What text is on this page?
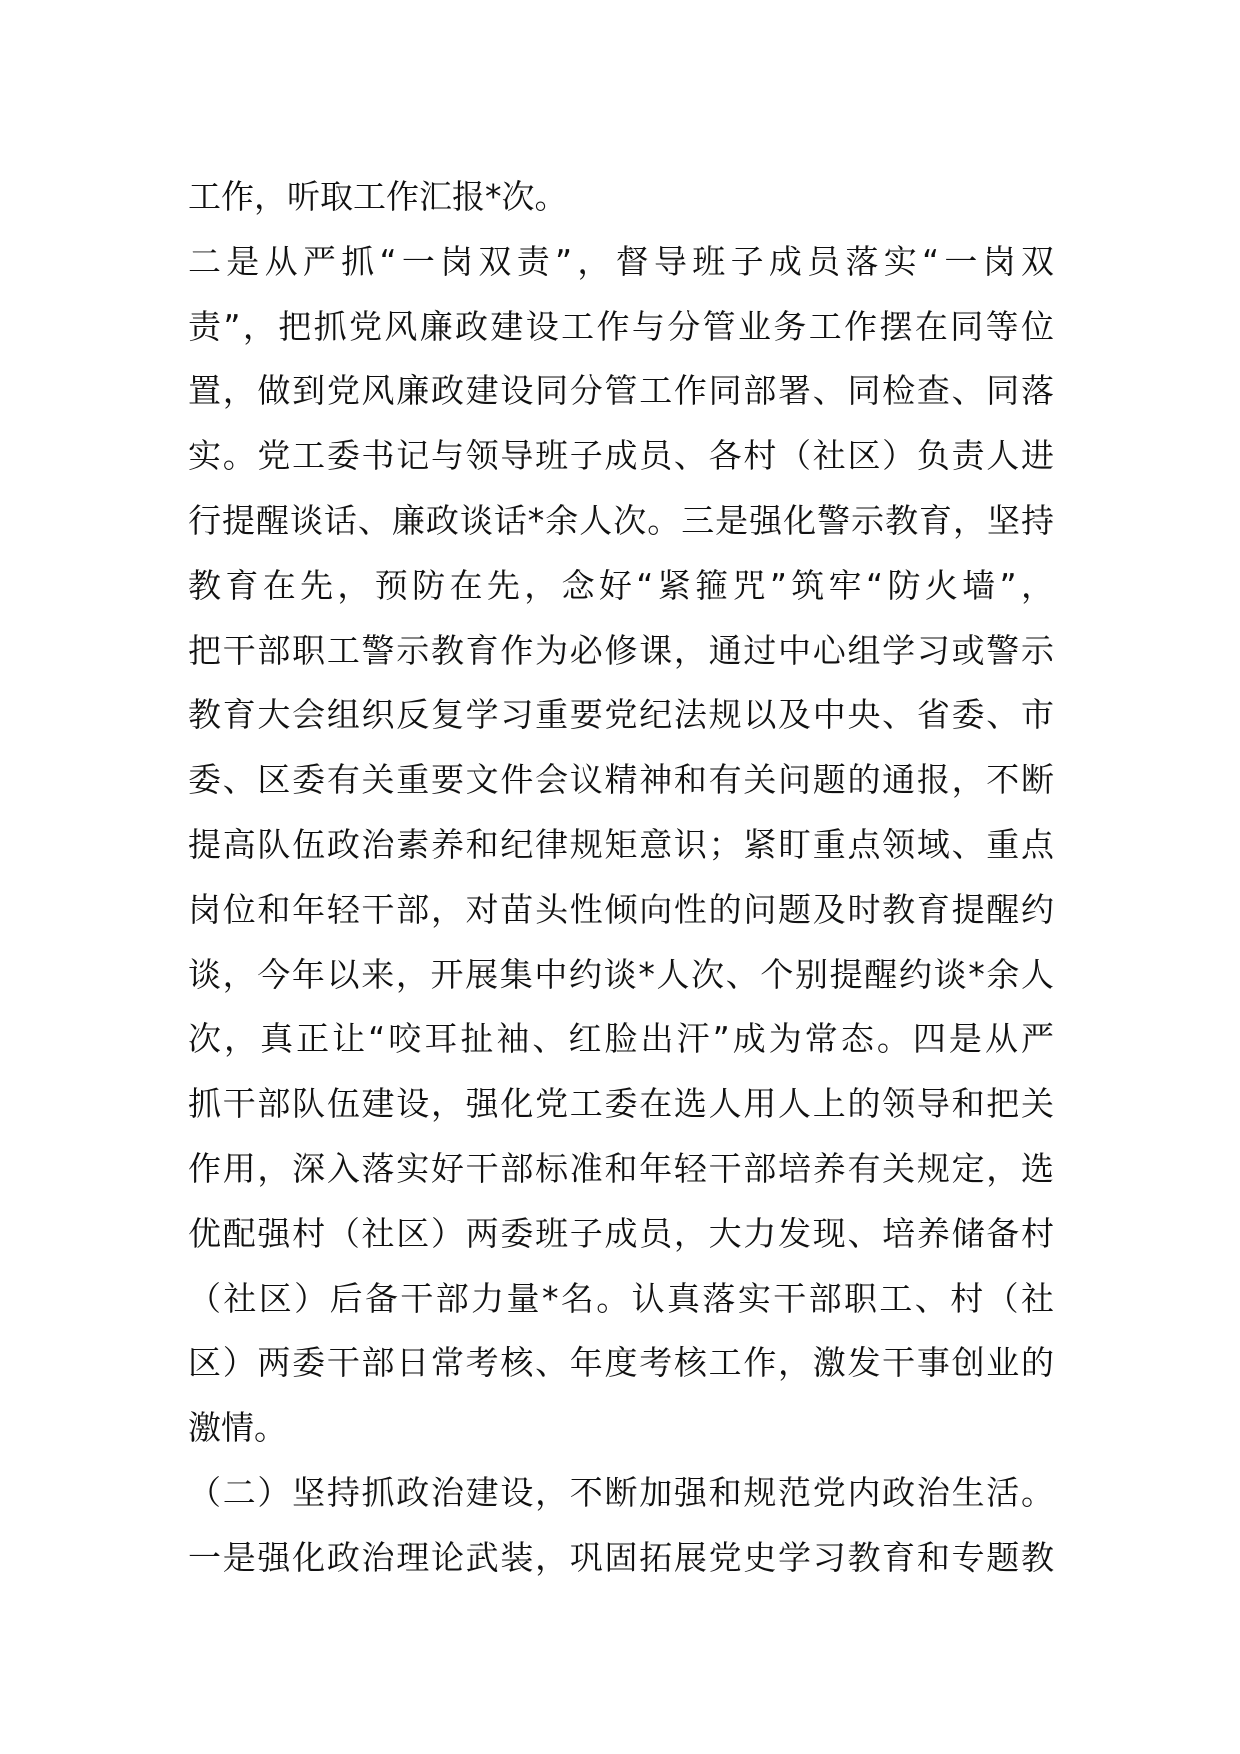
工作，听取工作汇报*次。
二是从严抓“一岗双责”，督导班子成员落实“一岗双
责”，把抓党风廉政建设工作与分管业务工作摆在同等位
置，做到党风廉政建设同分管工作同部署、同检查、同落
实。党工委书记与领导班子成员、各村（社区）负责人进
行提醒谈话、廉政谈话*余人次。三是强化警示教育，坚持
教育在先，预防在先，念好“紧箍咒”筑牢“防火墙”，
把干部职工警示教育作为必修课，通过中心组学习或警示
教育大会组织反复学习重要党纪法规以及中央、省委、市
委、区委有关重要文件会议精神和有关问题的通报，不断
提高队伍政治素养和纪律规矩意识；紧盯重点领域、重点
岗位和年轻干部，对苗头性倾向性的问题及时教育提醒约
谈，今年以来，开展集中约谈*人次、个别提醒约谈*余人
次，真正让“咬耳扯袖、红脸出汗”成为常态。四是从严
抓干部队伍建设，强化党工委在选人用人上的领导和把关
作用，深入落实好干部标准和年轻干部培养有关规定，选
优配强村（社区）两委班子成员，大力发现、培养储备村
（社区）后备干部力量*名。认真落实干部职工、村（社
区）两委干部日常考核、年度考核工作，激发干事创业的
激情。
（二）坚持抓政治建设，不断加强和规范党内政治生活。
一是强化政治理论武装，巩固拓展党史学习教育和专题教
